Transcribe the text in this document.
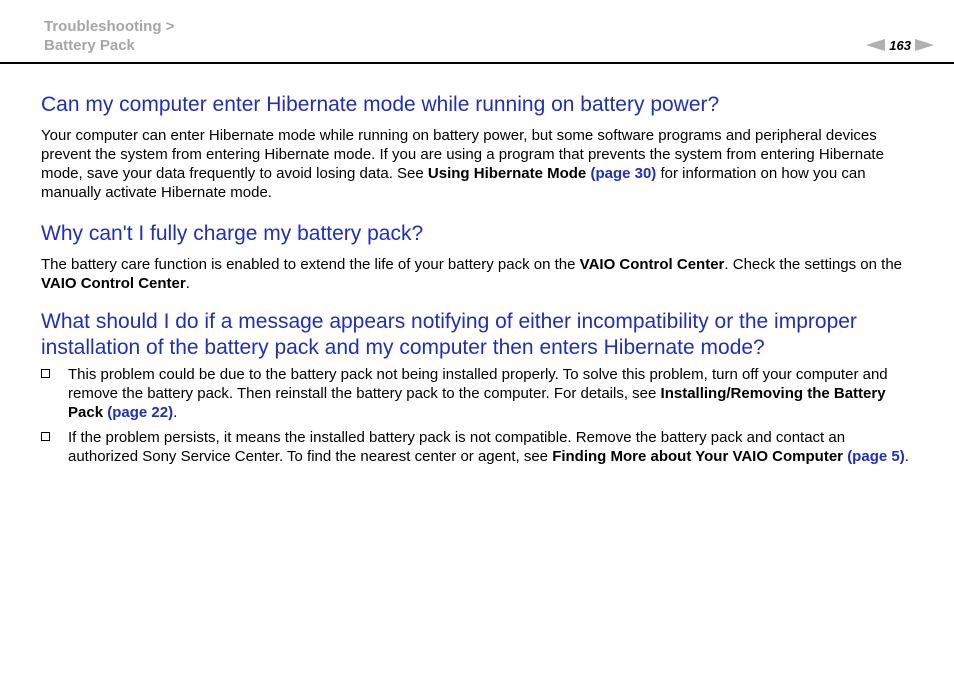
Troubleshooting >
Battery Pack	163
Can my computer enter Hibernate mode while running on battery power?

Your computer can enter Hibernate mode while running on battery power, but some software programs and peripheral devices prevent the system from entering Hibernate mode. If you are using a program that prevents the system from entering Hibernate mode, save your data frequently to avoid losing data. See Using Hibernate Mode (page 30) for information on how you can manually activate Hibernate mode.

Why can't I fully charge my battery pack?

The battery care function is enabled to extend the life of your battery pack on the VAIO Control Center. Check the settings on the VAIO Control Center.

What should I do if a message appears notifying of either incompatibility or the improper installation of the battery pack and my computer then enters Hibernate mode?
This problem could be due to the battery pack not being installed properly. To solve this problem, turn off your computer and remove the battery pack. Then reinstall the battery pack to the computer. For details, see Installing/Removing the Battery Pack (page 22).
If the problem persists, it means the installed battery pack is not compatible. Remove the battery pack and contact an authorized Sony Service Center. To find the nearest center or agent, see Finding More about Your VAIO Computer (page 5).
